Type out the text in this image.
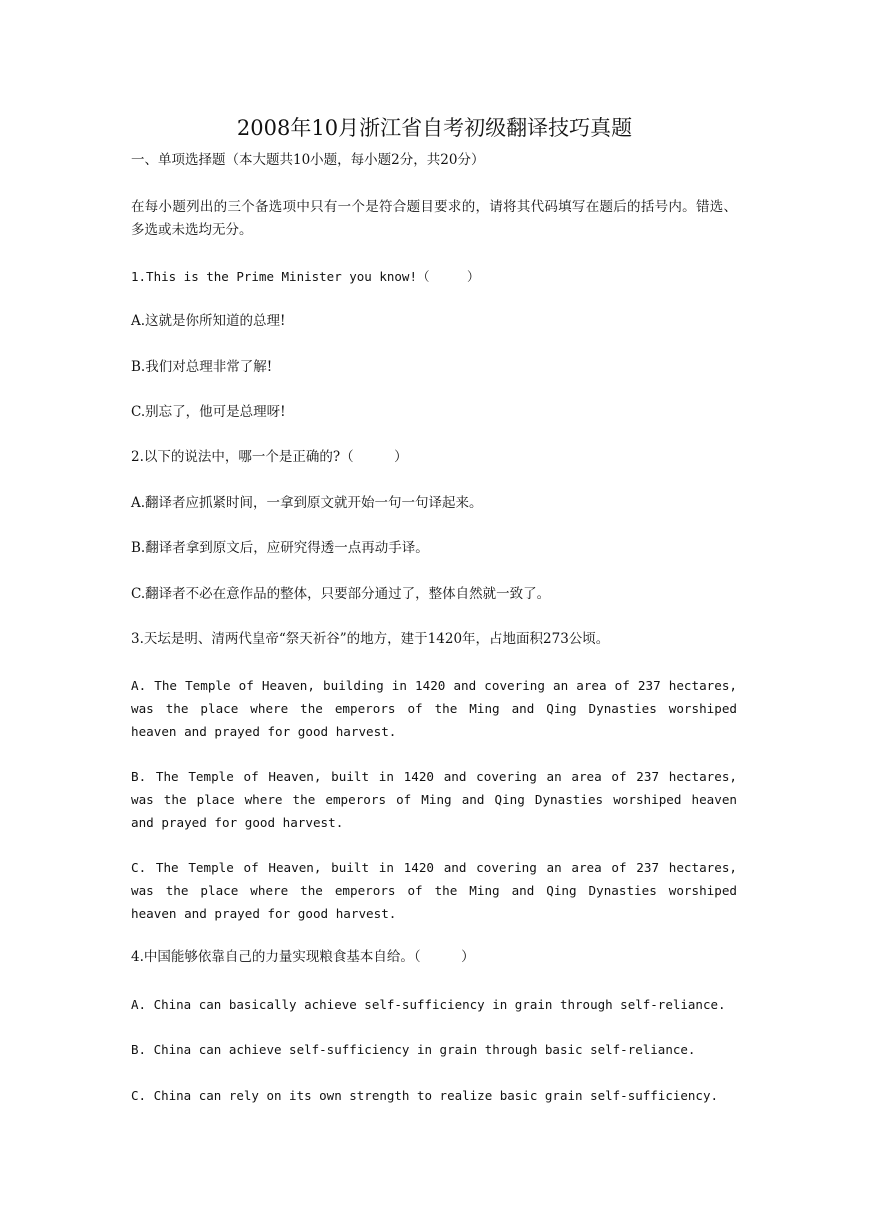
2008年10月浙江省自考初级翻译技巧真题
一、单项选择题（本大题共10小题，每小题2分，共20分）
在每小题列出的三个备选项中只有一个是符合题目要求的，请将其代码填写在题后的括号内。错选、多选或未选均无分。
1.This is the Prime Minister you know!（　　　）
A.这就是你所知道的总理!
B.我们对总理非常了解!
C.别忘了，他可是总理呀!
2.以下的说法中，哪一个是正确的?（　　　）
A.翻译者应抓紧时间，一拿到原文就开始一句一句译起来。
B.翻译者拿到原文后，应研究得透一点再动手译。
C.翻译者不必在意作品的整体，只要部分通过了，整体自然就一致了。
3.天坛是明、清两代皇帝“祭天祈谷”的地方，建于1420年，占地面积273公顷。
A. The Temple of Heaven, building in 1420 and covering an area of 237 hectares, was the place where the emperors of the Ming and Qing Dynasties worshiped heaven and prayed for good harvest.
B. The Temple of Heaven, built in 1420 and covering an area of 237 hectares, was the place where the emperors of Ming and Qing Dynasties worshiped heaven and prayed for good harvest.
C. The Temple of Heaven, built in 1420 and covering an area of 237 hectares, was the place where the emperors of the Ming and Qing Dynasties worshiped heaven and prayed for good harvest.
4.中国能够依靠自己的力量实现粮食基本自给。（　　　）
A. China can basically achieve self-sufficiency in grain through self-reliance.
B. China can achieve self-sufficiency in grain through basic self-reliance.
C. China can rely on its own strength to realize basic grain self-sufficiency.
